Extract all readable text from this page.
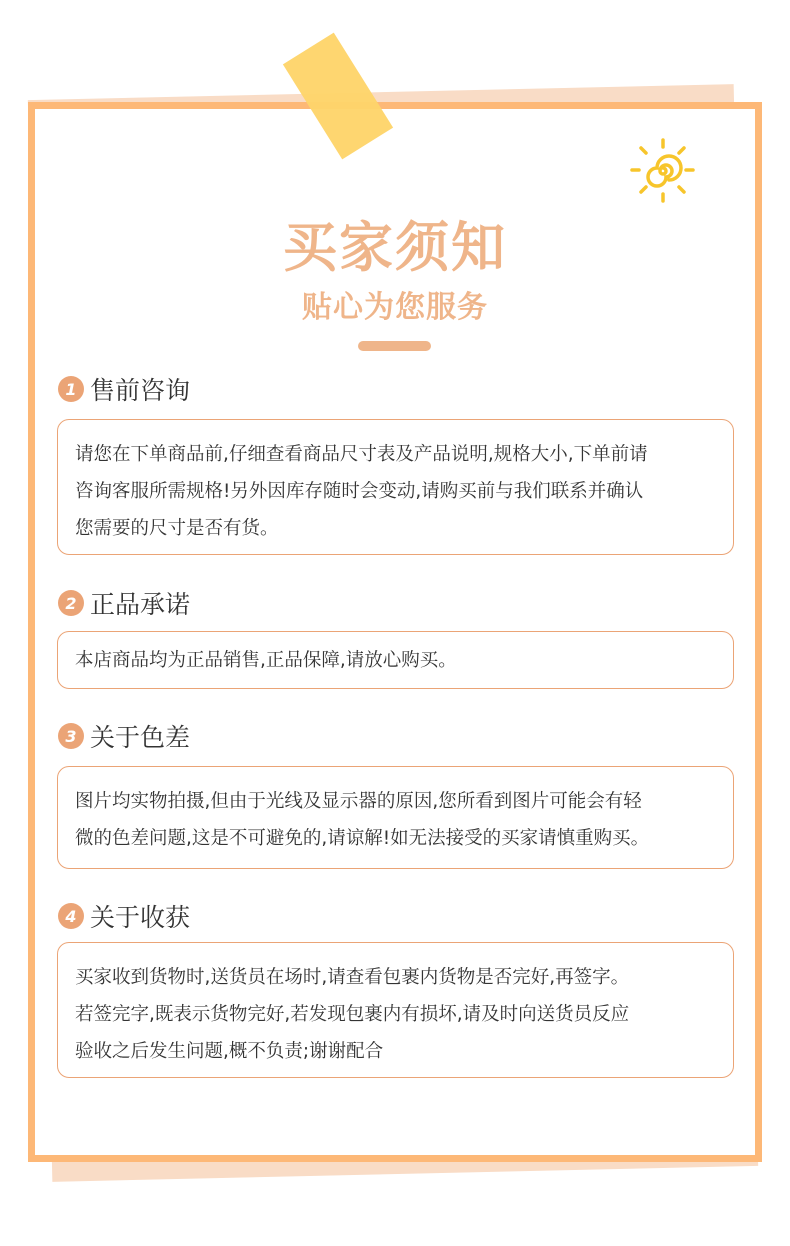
买家须知
贴心为您服务
1 售前咨询

请您在下单商品前,仔细查看商品尺寸表及产品说明,规格大小,下单前请

咨询客服所需规格!另外因库存随时会变动,请购买前与我们联系并确认

您需要的尺寸是否有货。

2 正品承诺

本店商品均为正品销售,正品保障,请放心购买。

3 关于色差

图片均实物拍摄,但由于光线及显示器的原因,您所看到图片可能会有轻

微的色差问题,这是不可避免的,请谅解!如无法接受的买家请慎重购买。

4 关于收获

买家收到货物时,送货员在场时,请查看包裹内货物是否完好,再签字。

若签完字,既表示货物完好,若发现包裹内有损坏,请及时向送货员反应

验收之后发生问题,概不负责;谢谢配合
